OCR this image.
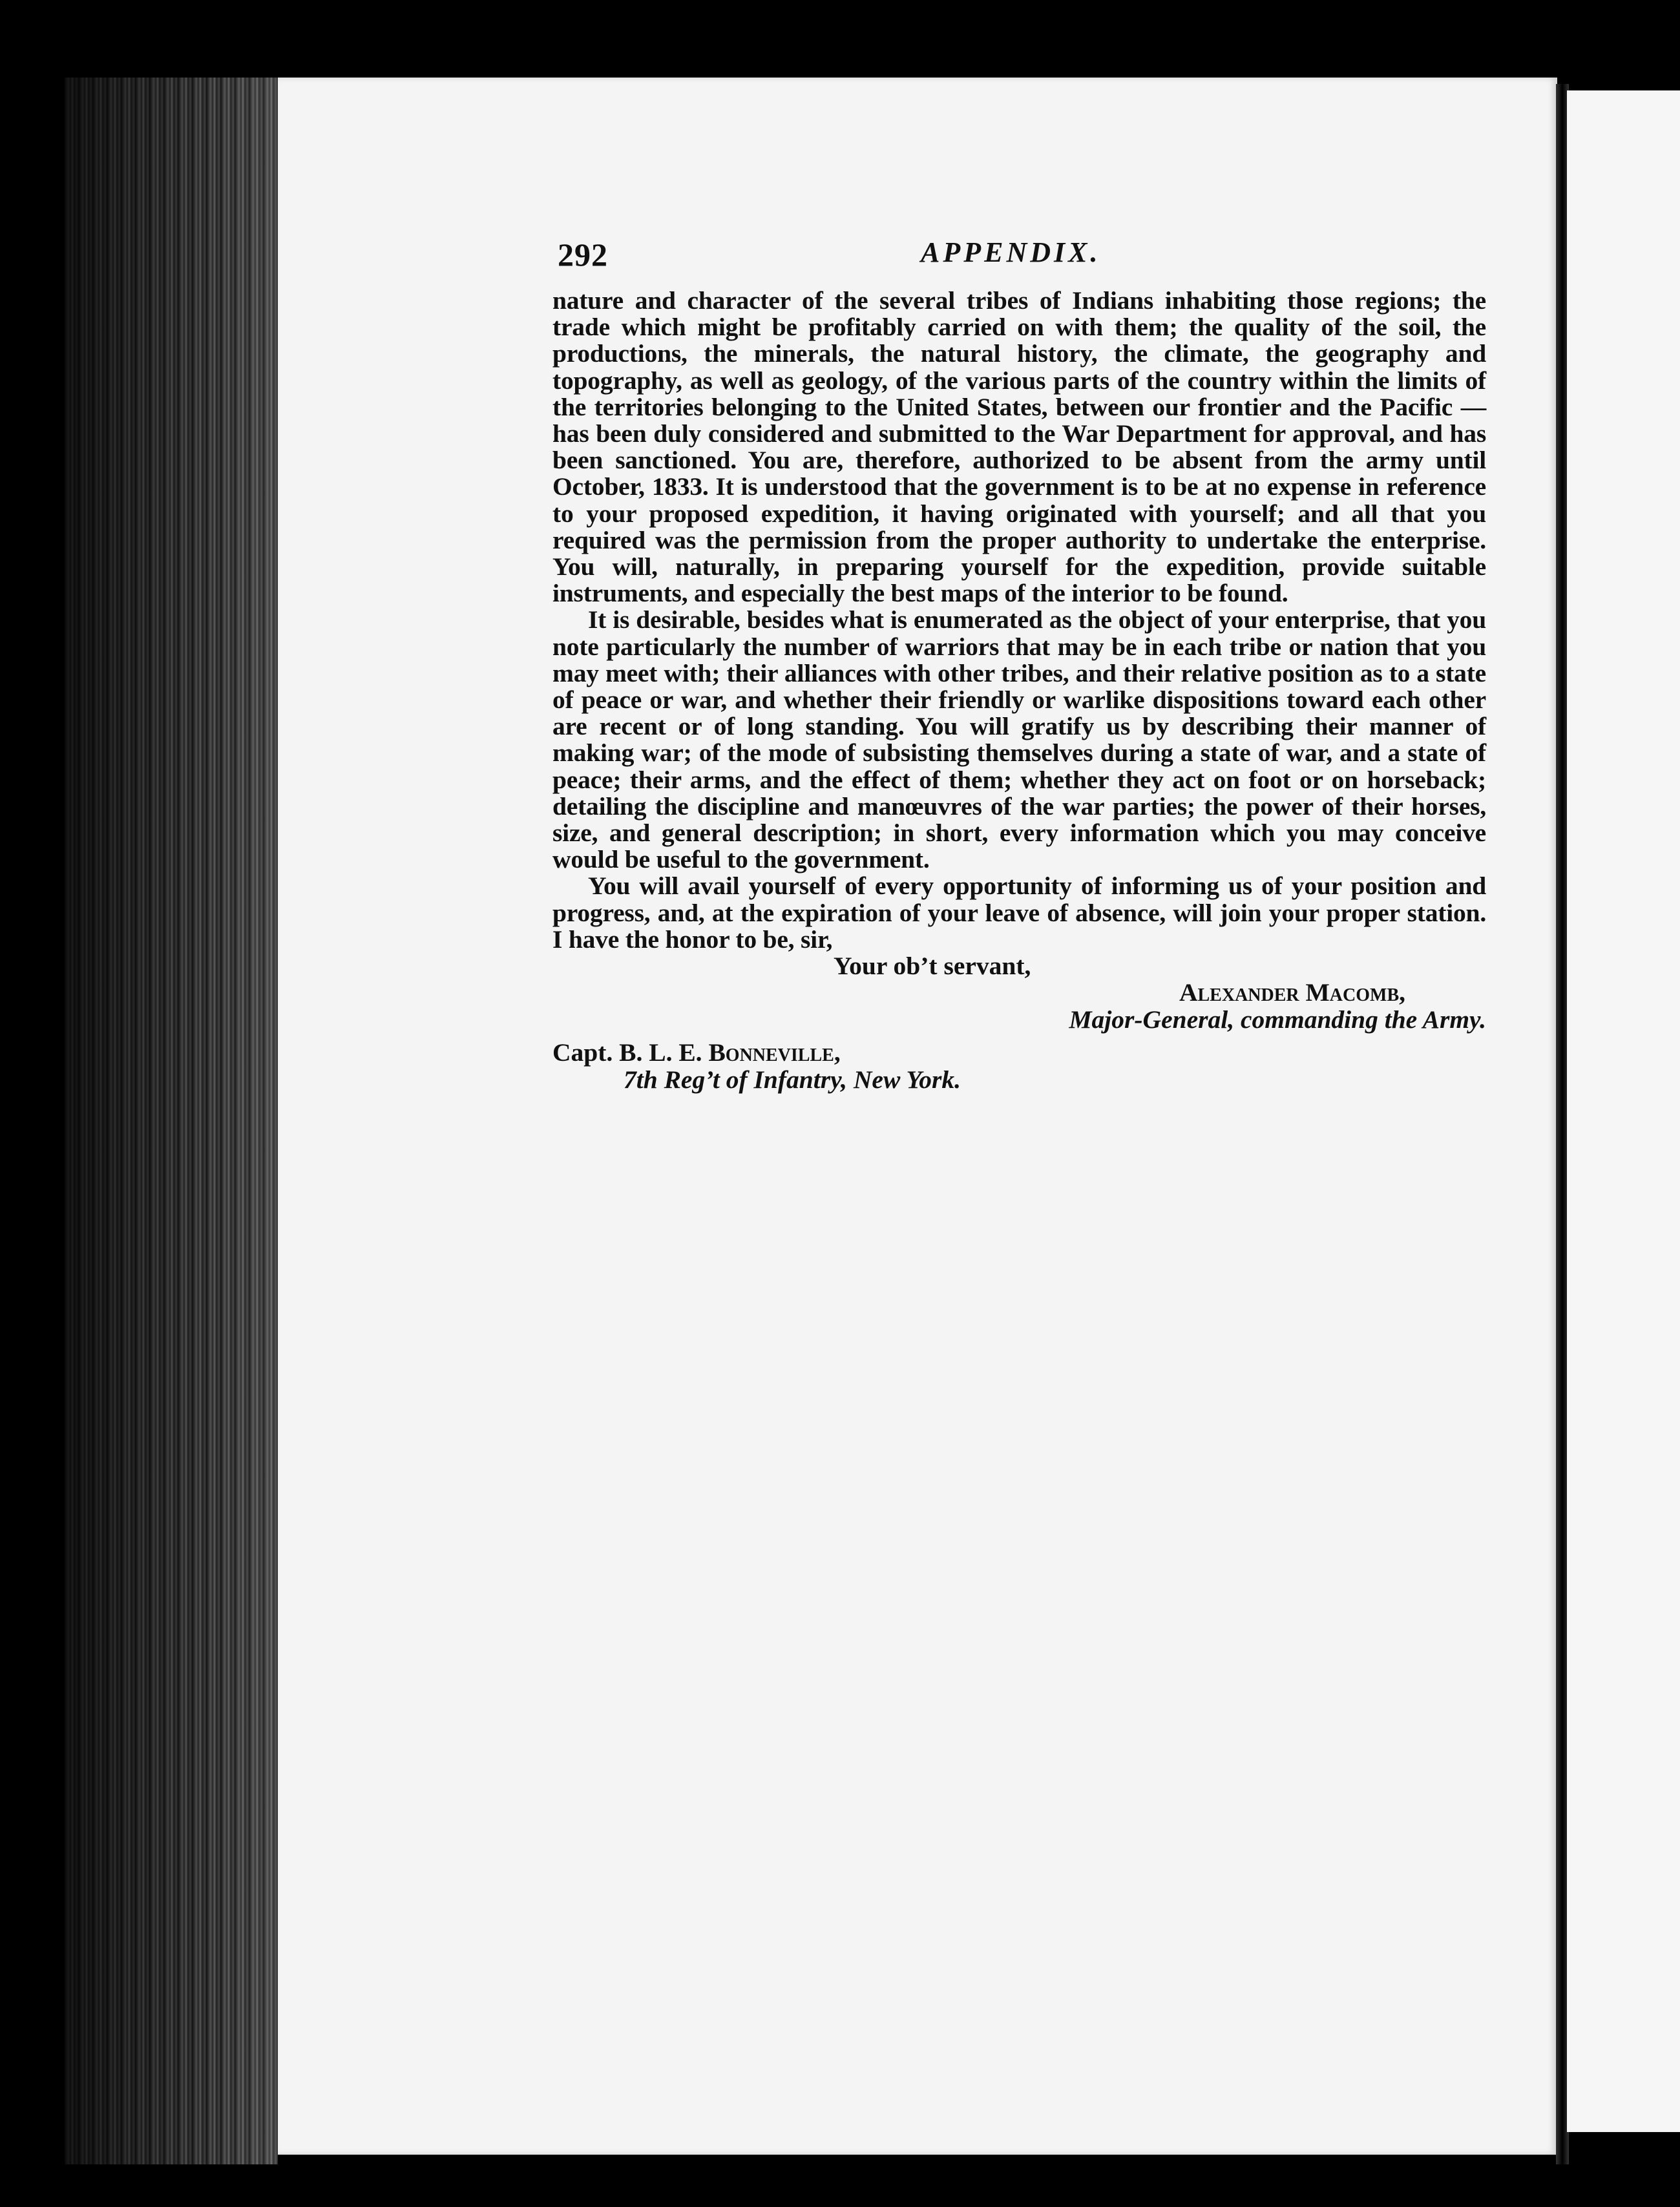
292	APPENDIX.

nature and character of the several tribes of Indians inhabiting those regions; the trade which might be profitably carried on with them; the quality of the soil, the productions, the minerals, the natural history, the climate, the geography and topography, as well as geology, of the various parts of the country within the limits of the territories belonging to the United States, between our frontier and the Pacific — has been duly considered and submitted to the War Department for approval, and has been sanctioned. You are, therefore, authorized to be absent from the army until October, 1833. It is understood that the government is to be at no expense in reference to your proposed expedition, it having originated with yourself; and all that you required was the permission from the proper authority to undertake the enterprise. You will, naturally, in preparing yourself for the expedition, provide suitable instruments, and especially the best maps of the interior to be found.

It is desirable, besides what is enumerated as the object of your enterprise, that you note particularly the number of warriors that may be in each tribe or nation that you may meet with; their alliances with other tribes, and their relative position as to a state of peace or war, and whether their friendly or warlike dispositions toward each other are recent or of long standing. You will gratify us by describing their manner of making war; of the mode of subsisting themselves during a state of war, and a state of peace; their arms, and the effect of them; whether they act on foot or on horseback; detailing the discipline and manœuvres of the war parties; the power of their horses, size, and general description; in short, every information which you may conceive would be useful to the government.

You will avail yourself of every opportunity of informing us of your position and progress, and, at the expiration of your leave of absence, will join your proper station. I have the honor to be, sir,

Your ob’t servant,

Alexander Macomb,

Major-General, commanding the Army.

Capt. B. L. E. Bonneville,

7th Reg’t of Infantry, New York.
